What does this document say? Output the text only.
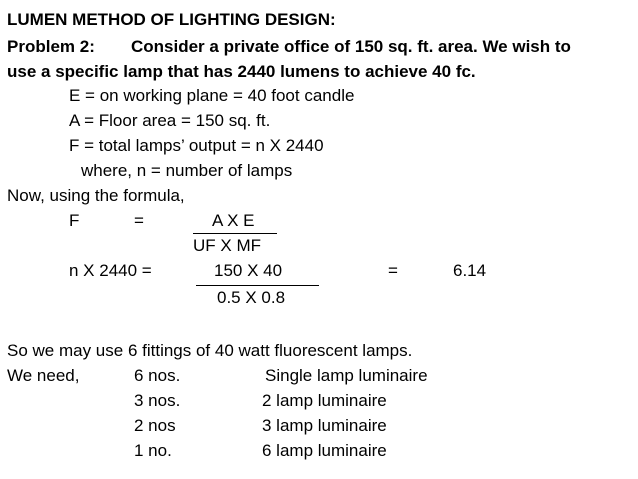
LUMEN METHOD OF LIGHTING DESIGN:
Problem 2: Consider a private office of 150 sq. ft. area. We wish to
use a specific lamp that has 2440 lumens to achieve 40 fc.
E = on working plane = 40 foot candle
A = Floor area = 150 sq. ft.
F = total lamps’ output = n X 2440
where, n = number of lamps
Now, using the formula,
F	=	A X E
UF X MF
n X 2440 =	150 X 40
0.5 X 0.8
=	6.14
So we may use 6 fittings of 40 watt fluorescent lamps.
We need,	6 nos.	Single lamp luminaire
3 nos.	2 lamp luminaire
2 nos	3 lamp luminaire
1 no.	6 lamp luminaire
